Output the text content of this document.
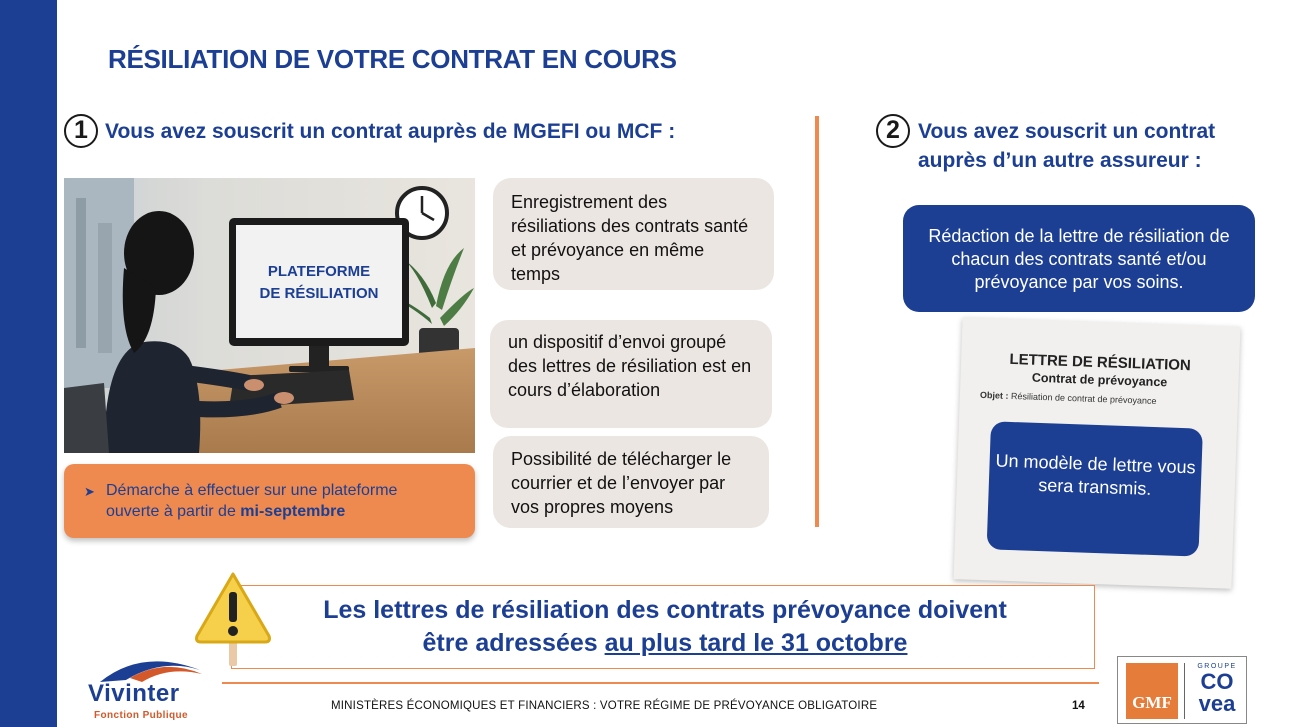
RÉSILIATION DE VOTRE CONTRAT EN COURS
1 Vous avez souscrit un contrat auprès de MGEFI ou MCF :
PLATEFORME
DE RÉSILIATION
Enregistrement des résiliations des contrats santé et prévoyance en même temps
un dispositif d’envoi groupé des lettres de résiliation est en cours d’élaboration
Possibilité de télécharger le courrier et de l’envoyer par vos propres moyens
➤ Démarche à effectuer sur une plateforme ouverte à partir de mi-septembre
2 Vous avez souscrit un contrat
auprès d’un autre assureur :
Rédaction de la lettre de résiliation de chacun des contrats santé et/ou prévoyance par vos soins.
LETTRE DE RÉSILIATION
Contrat de prévoyance
Objet : Résiliation de contrat de prévoyance
Un modèle de lettre vous sera transmis.
Les lettres de résiliation des contrats prévoyance doivent
être adressées au plus tard le 31 octobre
MINISTÈRES ÉCONOMIQUES ET FINANCIERS : VOTRE RÉGIME DE PRÉVOYANCE OBLIGATOIRE	14
Vivinter
Fonction Publique
GMF
GROUPE
CO
vea
